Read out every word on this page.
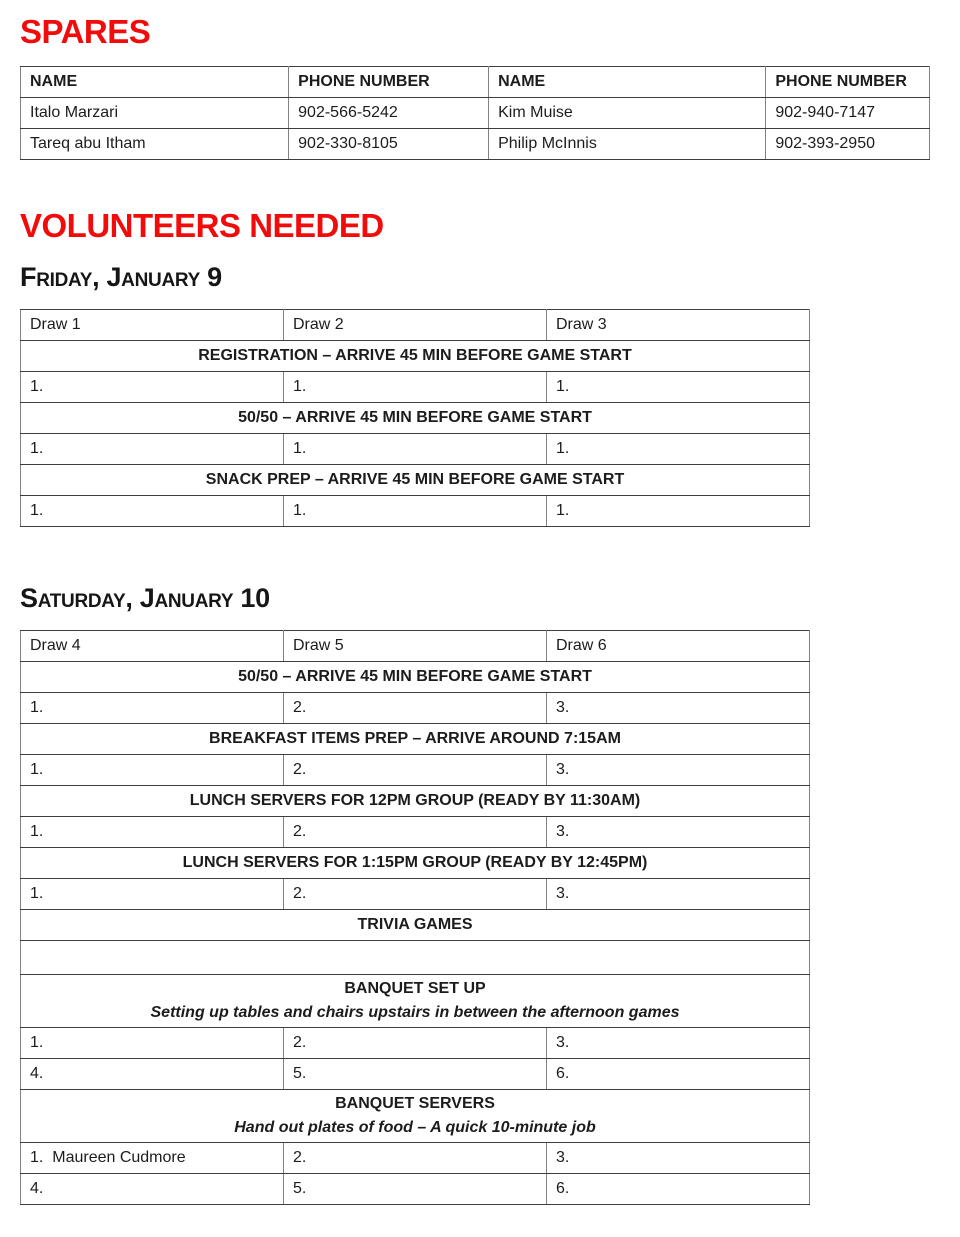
SPARES
NAME	PHONE NUMBER	NAME	PHONE NUMBER
Italo Marzari	902-566-5242	Kim Muise	902-940-7147
Tareq abu Itham	902-330-8105	Philip McInnis	902-393-2950
VOLUNTEERS NEEDED
Friday, January 9
Draw 1	Draw 2	Draw 3

REGISTRATION – ARRIVE 45 MIN BEFORE GAME START		

1.	1.	1.

50/50 – ARRIVE 45 MIN BEFORE GAME START		

1.	1.	1.

SNACK PREP – ARRIVE 45 MIN BEFORE GAME START		

1.	1.	1.
Saturday, January 10
Draw 4	Draw 5	Draw 6

50/50 – ARRIVE 45 MIN BEFORE GAME START		

1.	2.	3.

BREAKFAST ITEMS PREP – ARRIVE AROUND 7:15AM		

1.	2.	3.

LUNCH SERVERS FOR 12PM GROUP (READY BY 11:30AM)		

1.	2.	3.

LUNCH SERVERS FOR 1:15PM GROUP (READY BY 12:45PM)		

1.	2.	3.

TRIVIA GAMES		

BANQUET SET UP
Setting up tables and chairs upstairs in between the afternoon games		

1.	2.	3.
4.	5.	6.

BANQUET SERVERS
Hand out plates of food – A quick 10-minute job		

1.  Maureen Cudmore	2.	3.
4.	5.	6.
